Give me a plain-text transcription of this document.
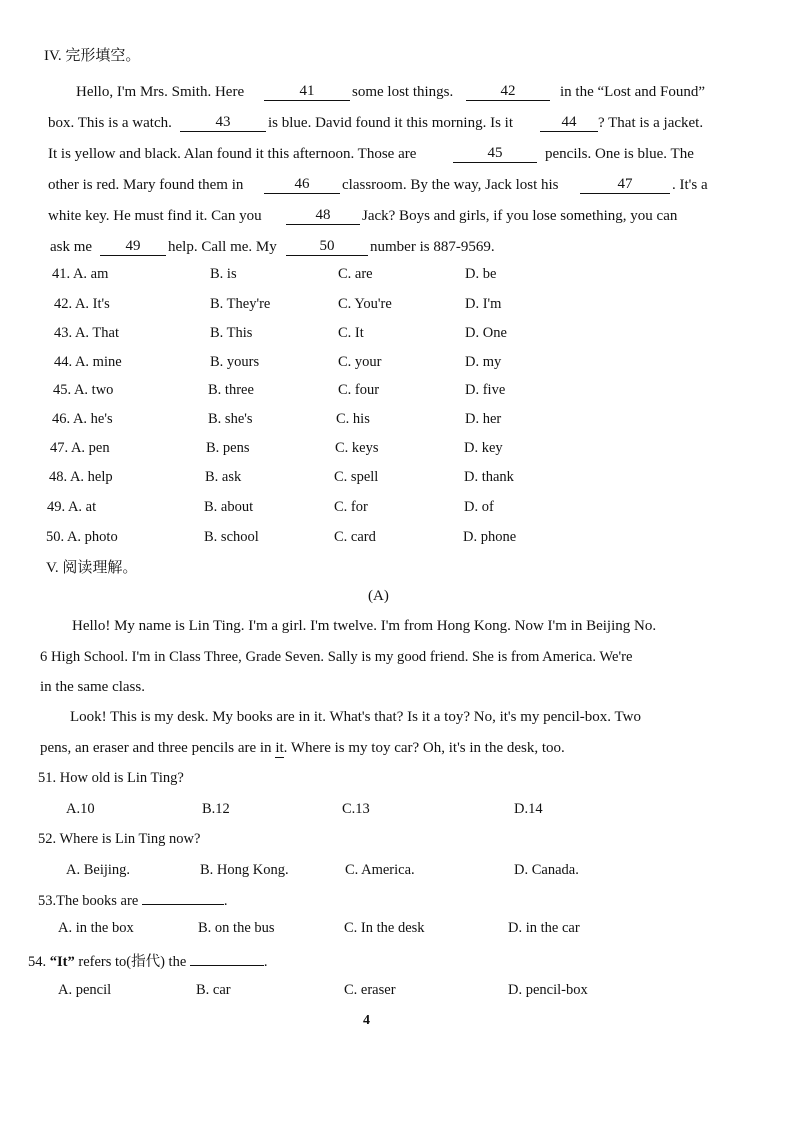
IV. 完形填空。
Hello, I'm Mrs. Smith. Here	41	some lost things.	42	in the “Lost and Found”
box. This is a watch.	43	is blue. David found it this morning. Is it	44	? That is a jacket.
It is yellow and black. Alan found it this afternoon. Those are	45	pencils. One is blue. The
other is red. Mary found them in	46	classroom. By the way, Jack lost his	47	. It's a
white key. He must find it. Can you	48	Jack? Boys and girls, if you lose something, you can
ask me	49	help. Call me. My	50	number is 887-9569.
41. A. am	B. is	C. are	D. be
42. A. It's	B. They're	C. You're	D. I'm
43. A. That	B. This	C. It	D. One
44. A. mine	B. yours	C. your	D. my
45. A. two	B. three	C. four	D. five
46. A. he's	B. she's	C. his	D. her
47. A. pen	B. pens	C. keys	D. key
48. A. help	B. ask	C. spell	D. thank
49. A. at	B. about	C. for	D. of
50. A. photo	B. school	C. card	D. phone
V. 阅读理解。
(A)
Hello! My name is Lin Ting. I'm a girl. I'm twelve. I'm from Hong Kong. Now I'm in Beijing No.
6 High School. I'm in Class Three, Grade Seven. Sally is my good friend. She is from America. We're
in the same class.
Look! This is my desk. My books are in it. What's that? Is it a toy? No, it's my pencil-box. Two
pens, an eraser and three pencils are in it. Where is my toy car? Oh, it's in the desk, too.
51. How old is Lin Ting?
A.10	B.12	C.13	D.14
52. Where is Lin Ting now?
A. Beijing.	B. Hong Kong.	C. America.	D. Canada.
53.The books are	.
A. in the box	B. on the bus	C. In the desk	D. in the car
54. “It” refers to(指代) the	.
A. pencil	B. car	C. eraser	D. pencil-box
4
